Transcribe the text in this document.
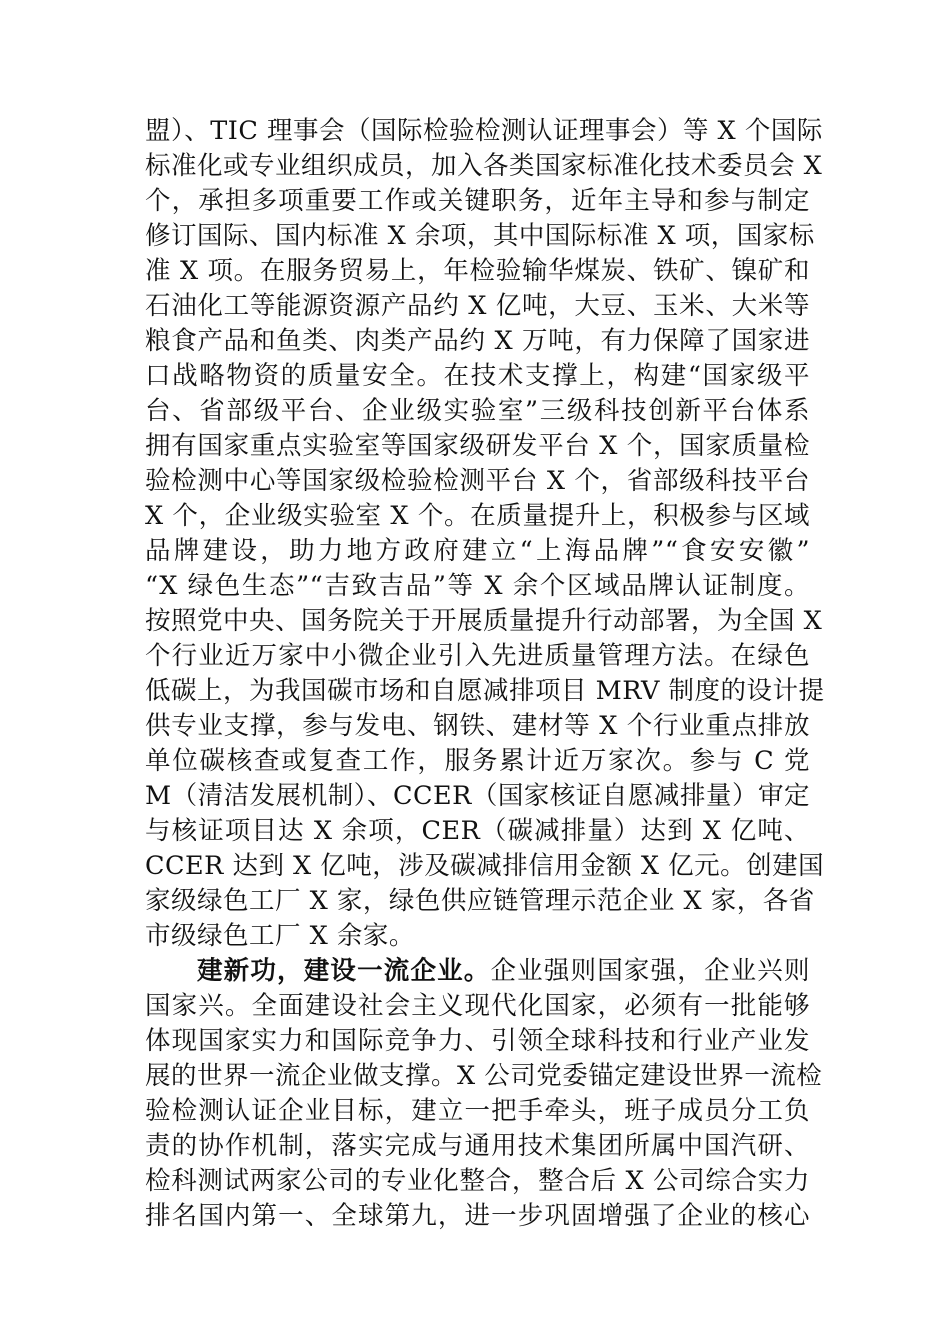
盟）、TIC 理事会（国际检验检测认证理事会）等 X 个国际
标准化或专业组织成员，加入各类国家标准化技术委员会 X
个，承担多项重要工作或关键职务，近年主导和参与制定
修订国际、国内标准 X 余项，其中国际标准 X 项，国家标
准 X 项。在服务贸易上，年检验输华煤炭、铁矿、镍矿和
石油化工等能源资源产品约 X 亿吨，大豆、玉米、大米等
粮食产品和鱼类、肉类产品约 X 万吨，有力保障了国家进
口战略物资的质量安全。在技术支撑上，构建“国家级平
台、省部级平台、企业级实验室”三级科技创新平台体系
拥有国家重点实验室等国家级研发平台 X 个，国家质量检
验检测中心等国家级检验检测平台 X 个，省部级科技平台
X 个，企业级实验室 X 个。在质量提升上，积极参与区域
品牌建设，助力地方政府建立“上海品牌”“食安安徽”
“X 绿色生态”“吉致吉品”等 X 余个区域品牌认证制度。
按照党中央、国务院关于开展质量提升行动部署，为全国 X
个行业近万家中小微企业引入先进质量管理方法。在绿色
低碳上，为我国碳市场和自愿减排项目 MRV 制度的设计提
供专业支撑，参与发电、钢铁、建材等 X 个行业重点排放
单位碳核查或复查工作，服务累计近万家次。参与 C 党
M（清洁发展机制）、CCER（国家核证自愿减排量）审定
与核证项目达 X 余项，CER（碳减排量）达到 X 亿吨、
CCER 达到 X 亿吨，涉及碳减排信用金额 X 亿元。创建国
家级绿色工厂 X 家，绿色供应链管理示范企业 X 家，各省
市级绿色工厂 X 余家。
建新功，建设一流企业。企业强则国家强，企业兴则
国家兴。全面建设社会主义现代化国家，必须有一批能够
体现国家实力和国际竞争力、引领全球科技和行业产业发
展的世界一流企业做支撑。X 公司党委锚定建设世界一流检
验检测认证企业目标，建立一把手牵头，班子成员分工负
责的协作机制，落实完成与通用技术集团所属中国汽研、
检科测试两家公司的专业化整合，整合后 X 公司综合实力
排名国内第一、全球第九，进一步巩固增强了企业的核心
